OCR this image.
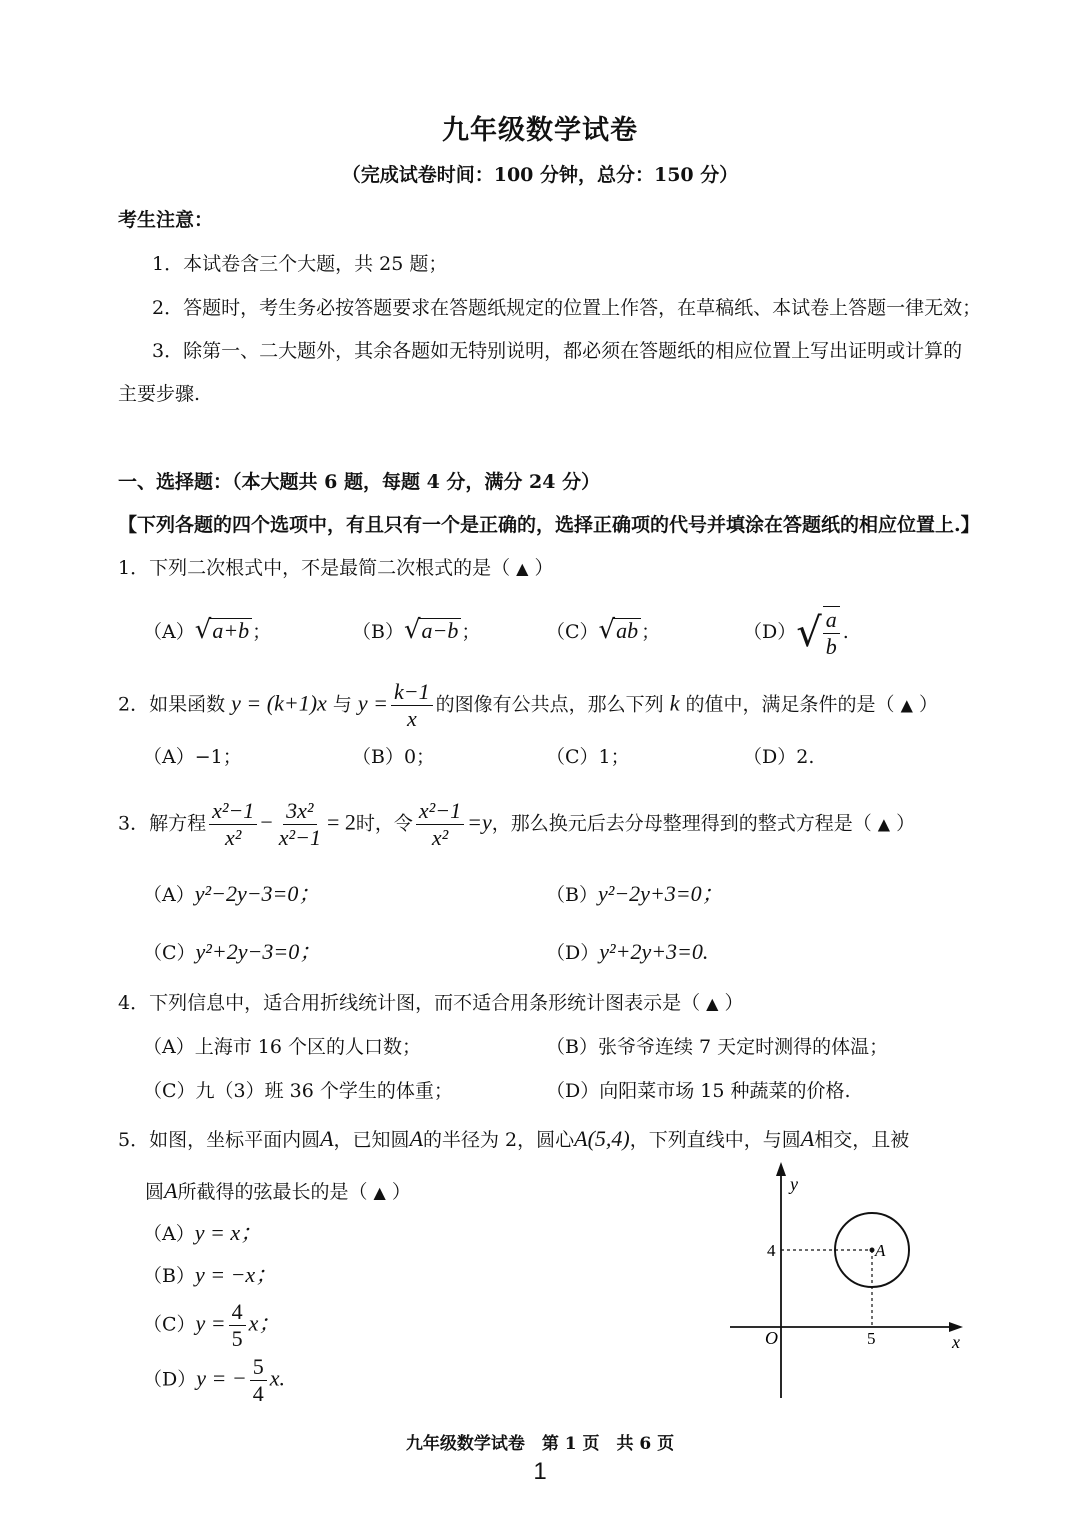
九年级数学试卷
（完成试卷时间：100 分钟，总分：150 分）
考生注意：
1．本试卷含三个大题，共 25 题；
2．答题时，考生务必按答题要求在答题纸规定的位置上作答，在草稿纸、本试卷上答题一律无效；
3．除第一、二大题外，其余各题如无特别说明，都必须在答题纸的相应位置上写出证明或计算的
主要步骤.
一、选择题：（本大题共 6 题，每题 4 分，满分 24 分）
【下列各题的四个选项中，有且只有一个是正确的，选择正确项的代号并填涂在答题纸的相应位置上.】
1．下列二次根式中，不是最简二次根式的是（ ▲ ）
（A）√a+b ；	（B）√a−b ；	（C）√ab ；	$(D)√ \frac{a}{b}$ .
2．如果函数 y = (k+1)x 与 $y = \frac{k-1}{x}$ 的图像有公共点，那么下列 k 的值中，满足条件的是（ ▲ ）
（A）−1；	（B）0；	（C）1；	（D）2.
3．解方程 $\frac{\text{x²−1}}{\text{x²}} - \frac{\text{3x²}}{\text{x²−1}} = 2$时，令 $\frac{\text{x²−1}}{\text{x²}} =y$，那么换元后去分母整理得到的整式方程是（ ▲ ）
（A）y²−2y−3=0；	（B）y²−2y+3=0；
（C）y²+2y−3=0；	（D）y²+2y+3=0.
4．下列信息中，适合用折线统计图，而不适合用条形统计图表示是（ ▲ ）
（A）上海市 16 个区的人口数；	（B）张爷爷连续 7 天定时测得的体温；
（C）九（3）班 36 个学生的体重；	（D）向阳菜市场 15 种蔬菜的价格.
5．如图，坐标平面内圆A，已知圆A的半径为 2，圆心A(5,4)，下列直线中，与圆A相交，且被
圆A所截得的弦最长的是（ ▲ ）
（A）y = x；
（B）y = −x；
$(C)y = \frac{4}{5}$ x；
（D）y = − $\frac{5}{4} x$.
y
x
O	5
4	A
九年级数学试卷　第 1 页　共 6 页
1
